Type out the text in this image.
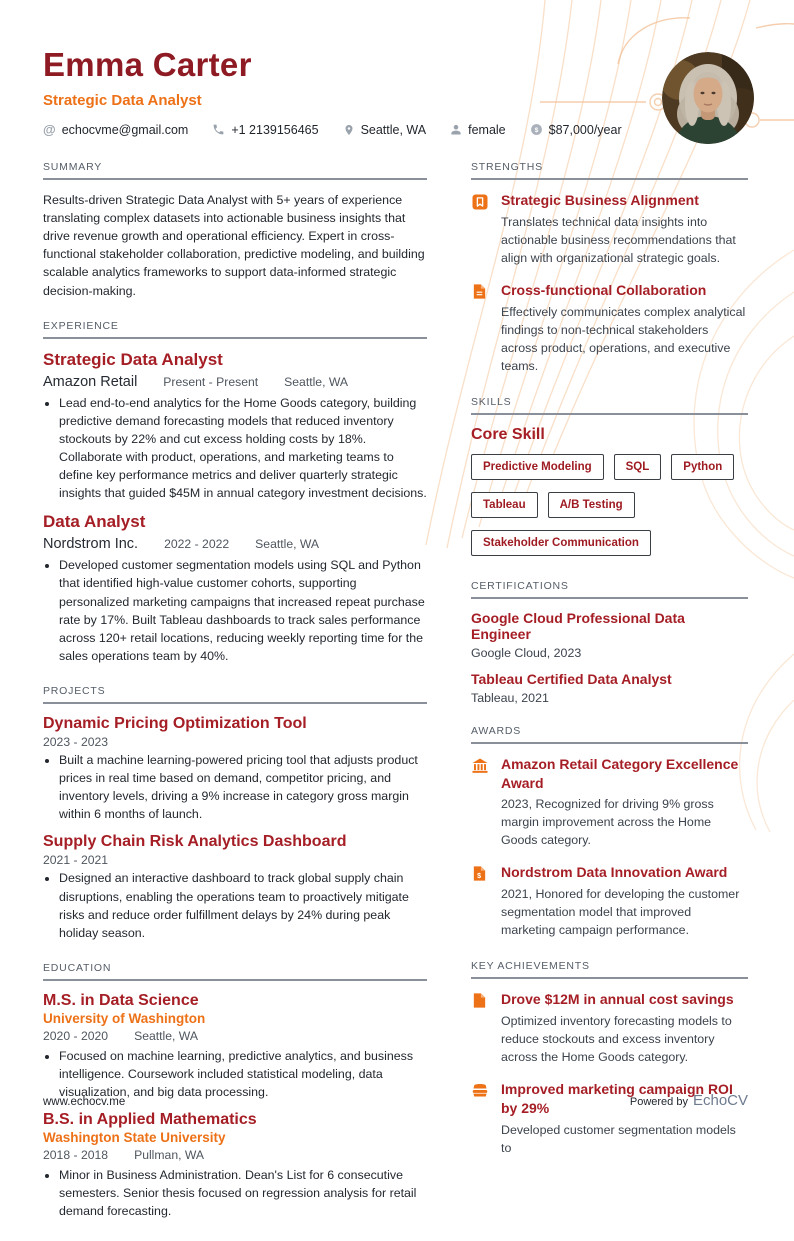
Emma Carter
Strategic Data Analyst
@ echocvme@gmail.com	+1 2139156465	Seattle, WA	female $ $87,000/year
SUMMARY

Results-driven Strategic Data Analyst with 5+ years of experience translating complex datasets into actionable business insights that drive revenue growth and operational efficiency. Expert in cross-functional stakeholder collaboration, predictive modeling, and building scalable analytics frameworks to support data-informed strategic decision-making.

EXPERIENCE
Strategic Data Analyst
Amazon Retail Present - Present Seattle, WA
• Lead end-to-end analytics for the Home Goods category, building predictive demand forecasting models that reduced inventory stockouts by 22% and cut excess holding costs by 18%. Collaborate with product, operations, and marketing teams to define key performance metrics and deliver quarterly strategic insights that guided $45M in annual category investment decisions.
Data Analyst
Nordstrom Inc. 2022 - 2022 Seattle, WA
• Developed customer segmentation models using SQL and Python that identified high-value customer cohorts, supporting personalized marketing campaigns that increased repeat purchase rate by 17%. Built Tableau dashboards to track sales performance across 120+ retail locations, reducing weekly reporting time for the sales operations team by 40%.
PROJECTS
Dynamic Pricing Optimization Tool
2023 - 2023
• Built a machine learning-powered pricing tool that adjusts product prices in real time based on demand, competitor pricing, and inventory levels, driving a 9% increase in category gross margin within 6 months of launch.
Supply Chain Risk Analytics Dashboard
2021 - 2021
• Designed an interactive dashboard to track global supply chain disruptions, enabling the operations team to proactively mitigate risks and reduce order fulfillment delays by 24% during peak holiday season.
EDUCATION
M.S. in Data Science
University of Washington
2020 - 2020 Seattle, WA
• Focused on machine learning, predictive analytics, and business intelligence. Coursework included statistical modeling, data visualization, and big data processing.
B.S. in Applied Mathematics
Washington State University
2018 - 2018 Pullman, WA
• Minor in Business Administration. Dean's List for 6 consecutive semesters. Senior thesis focused on regression analysis for retail demand forecasting.
STRENGTHS
Strategic Business Alignment
Translates technical data insights into actionable business recommendations that align with organizational strategic goals.
Cross-functional Collaboration
Effectively communicates complex analytical findings to non-technical stakeholders across product, operations, and executive teams.
SKILLS
Core Skill
Predictive Modeling	SQL	Python
Tableau	A/B Testing
Stakeholder Communication
CERTIFICATIONS
Google Cloud Professional Data Engineer
Google Cloud, 2023
Tableau Certified Data Analyst
Tableau, 2021
AWARDS
Amazon Retail Category Excellence Award
2023, Recognized for driving 9% gross margin improvement across the Home Goods category.
$ Nordstrom Data Innovation Award
2021, Honored for developing the customer segmentation model that improved marketing campaign performance.
KEY ACHIEVEMENTS
Drove $12M in annual cost savings
Optimized inventory forecasting models to reduce stockouts and excess inventory across the Home Goods category.
Improved marketing campaign ROI by 29%
Developed customer segmentation models to
www.echocv.me	Powered by EchoCV
